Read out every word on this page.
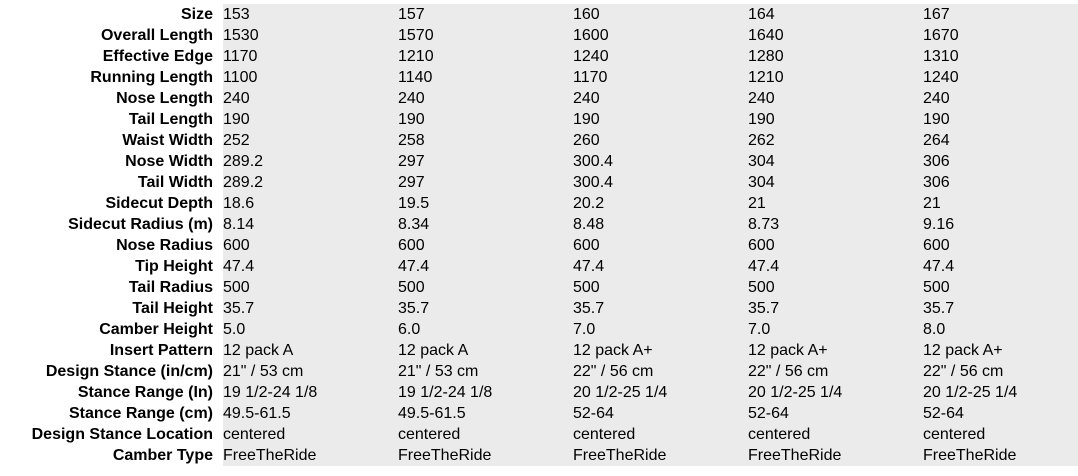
Size	153	157	160	164	167
Overall Length	1530	1570	1600	1640	1670
Effective Edge	1170	1210	1240	1280	1310
Running Length	1100	1140	1170	1210	1240
Nose Length	240	240	240	240	240
Tail Length	190	190	190	190	190
Waist Width	252	258	260	262	264
Nose Width	289.2	297	300.4	304	306
Tail Width	289.2	297	300.4	304	306
Sidecut Depth	18.6	19.5	20.2	21	21
Sidecut Radius (m)	8.14	8.34	8.48	8.73	9.16
Nose Radius	600	600	600	600	600
Tip Height	47.4	47.4	47.4	47.4	47.4
Tail Radius	500	500	500	500	500
Tail Height	35.7	35.7	35.7	35.7	35.7
Camber Height	5.0	6.0	7.0	7.0	8.0
Insert Pattern	12 pack A	12 pack A	12 pack A+	12 pack A+	12 pack A+
Design Stance (in/cm)	21" / 53 cm	21" / 53 cm	22" / 56 cm	22" / 56 cm	22" / 56 cm
Stance Range (In)	19 1/2-24 1/8	19 1/2-24 1/8	20 1/2-25 1/4	20 1/2-25 1/4	20 1/2-25 1/4
Stance Range (cm)	49.5-61.5	49.5-61.5	52-64	52-64	52-64
Design Stance Location	centered	centered	centered	centered	centered
Camber Type	FreeTheRide	FreeTheRide	FreeTheRide	FreeTheRide	FreeTheRide
